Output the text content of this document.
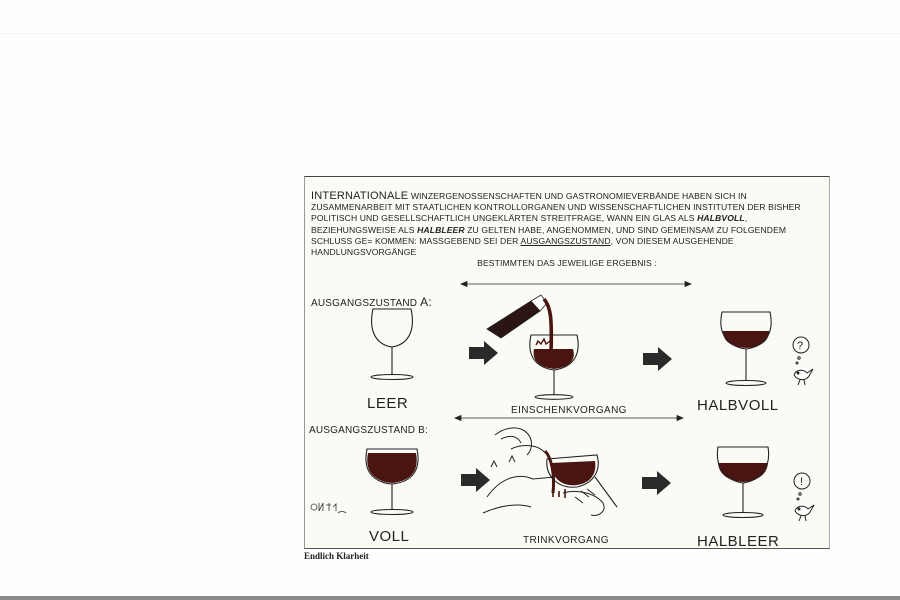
INTERNATIONALE WINZERGENOSSENSCHAFTEN UND GASTRONOMIEVERBÄNDE HABEN SICH IN ZUSAMMENARBEIT MIT STAATLICHEN KONTROLLORGANEN UND WISSENSCHAFTLICHEN INSTITUTEN DER BISHER POLITISCH UND GESELLSCHAFTLICH UNGEKLÄRTEN STREITFRAGE, WANN EIN GLAS ALS HALBVOLL, BEZIEHUNGSWEISE ALS HALBLEER ZU GELTEN HABE, ANGENOMMEN, UND SIND GEMEINSAM ZU FOLGENDEM SCHLUSS GE= KOMMEN: MASSGEBEND SEI DER AUSGANGSZUSTAND, VON DIESEM AUSGEHENDE HANDLUNGSVORGÄNGE
BESTIMMTEN DAS JEWEILIGE ERGEBNIS :
AUSGANGSZUSTAND A:
AUSGANGSZUSTAND B:
LEER	EINSCHENKVORGANG	HALBVOLL
VOLL	TRINKVORGANG	HALBLEER
?
!
Endlich Klarheit
